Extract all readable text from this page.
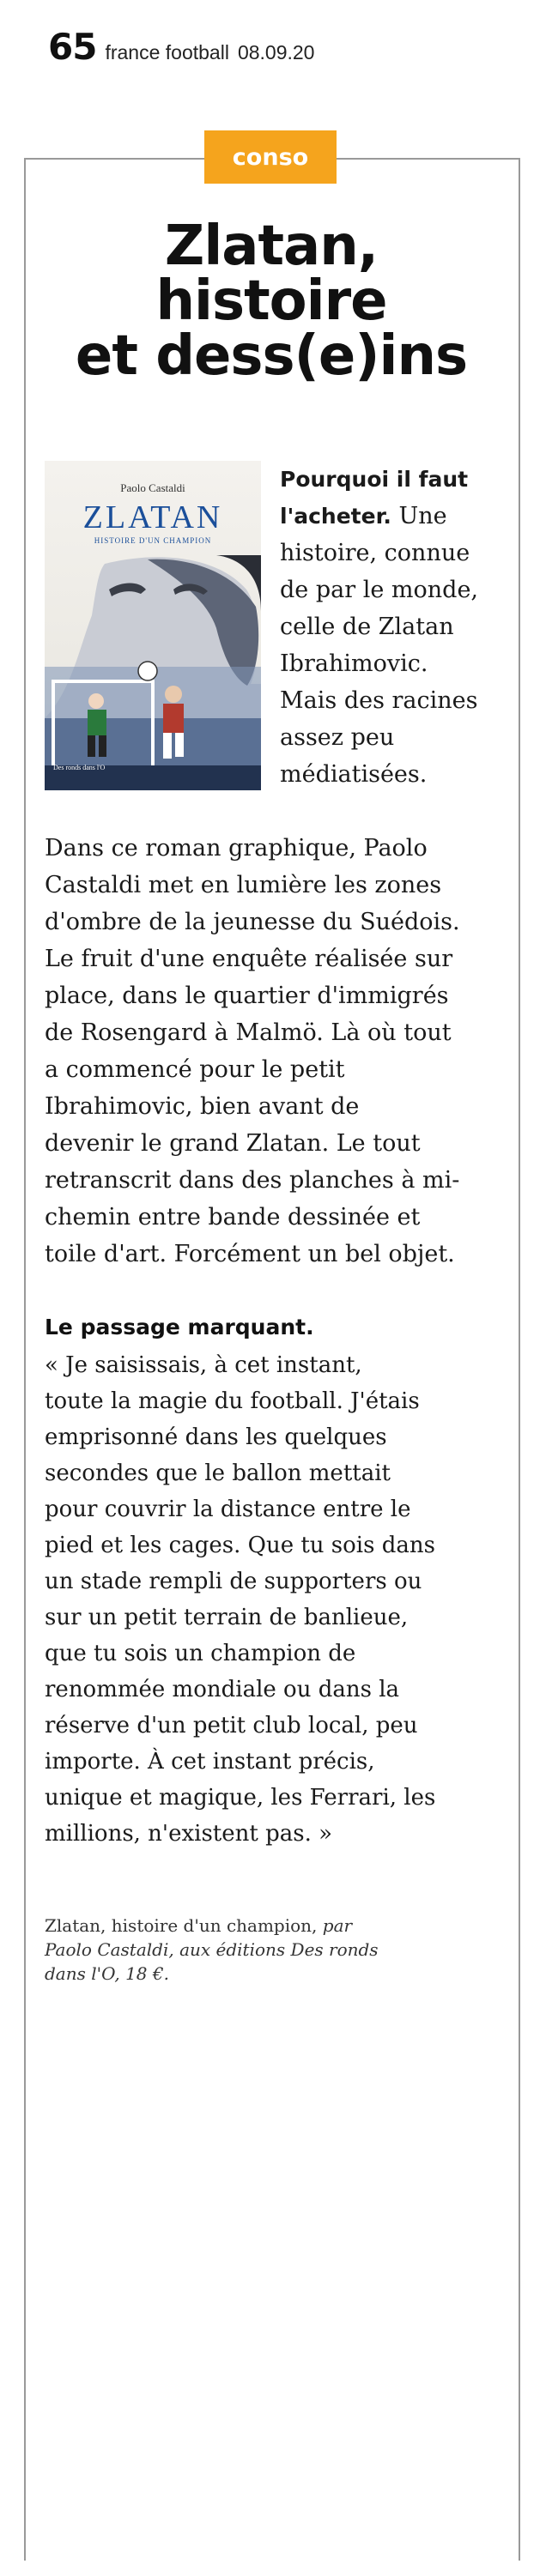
65 france football 08.09.20
conso
Zlatan,
histoire
et dess(e)ins
Paolo Castaldi
ZLATAN
HISTOIRE D'UN CHAMPION
Des ronds dans l'O
Pourquoi il faut
l'acheter. Une
histoire, connue
de par le monde,
celle de Zlatan
Ibrahimovic.
Mais des racines
assez peu
médiatisées.
Dans ce roman graphique, Paolo
Castaldi met en lumière les zones
d'ombre de la jeunesse du Suédois.
Le fruit d'une enquête réalisée sur
place, dans le quartier d'immigrés
de Rosengard à Malmö. Là où tout
a commencé pour le petit
Ibrahimovic, bien avant de
devenir le grand Zlatan. Le tout
retranscrit dans des planches à mi-
chemin entre bande dessinée et
toile d'art. Forcément un bel objet.
Le passage marquant.
« Je saisissais, à cet instant,
toute la magie du football. J'étais
emprisonné dans les quelques
secondes que le ballon mettait
pour couvrir la distance entre le
pied et les cages. Que tu sois dans
un stade rempli de supporters ou
sur un petit terrain de banlieue,
que tu sois un champion de
renommée mondiale ou dans la
réserve d'un petit club local, peu
importe. À cet instant précis,
unique et magique, les Ferrari, les
millions, n'existent pas. »
Zlatan, histoire d'un champion, par
Paolo Castaldi, aux éditions Des ronds
dans l'O, 18 €.
